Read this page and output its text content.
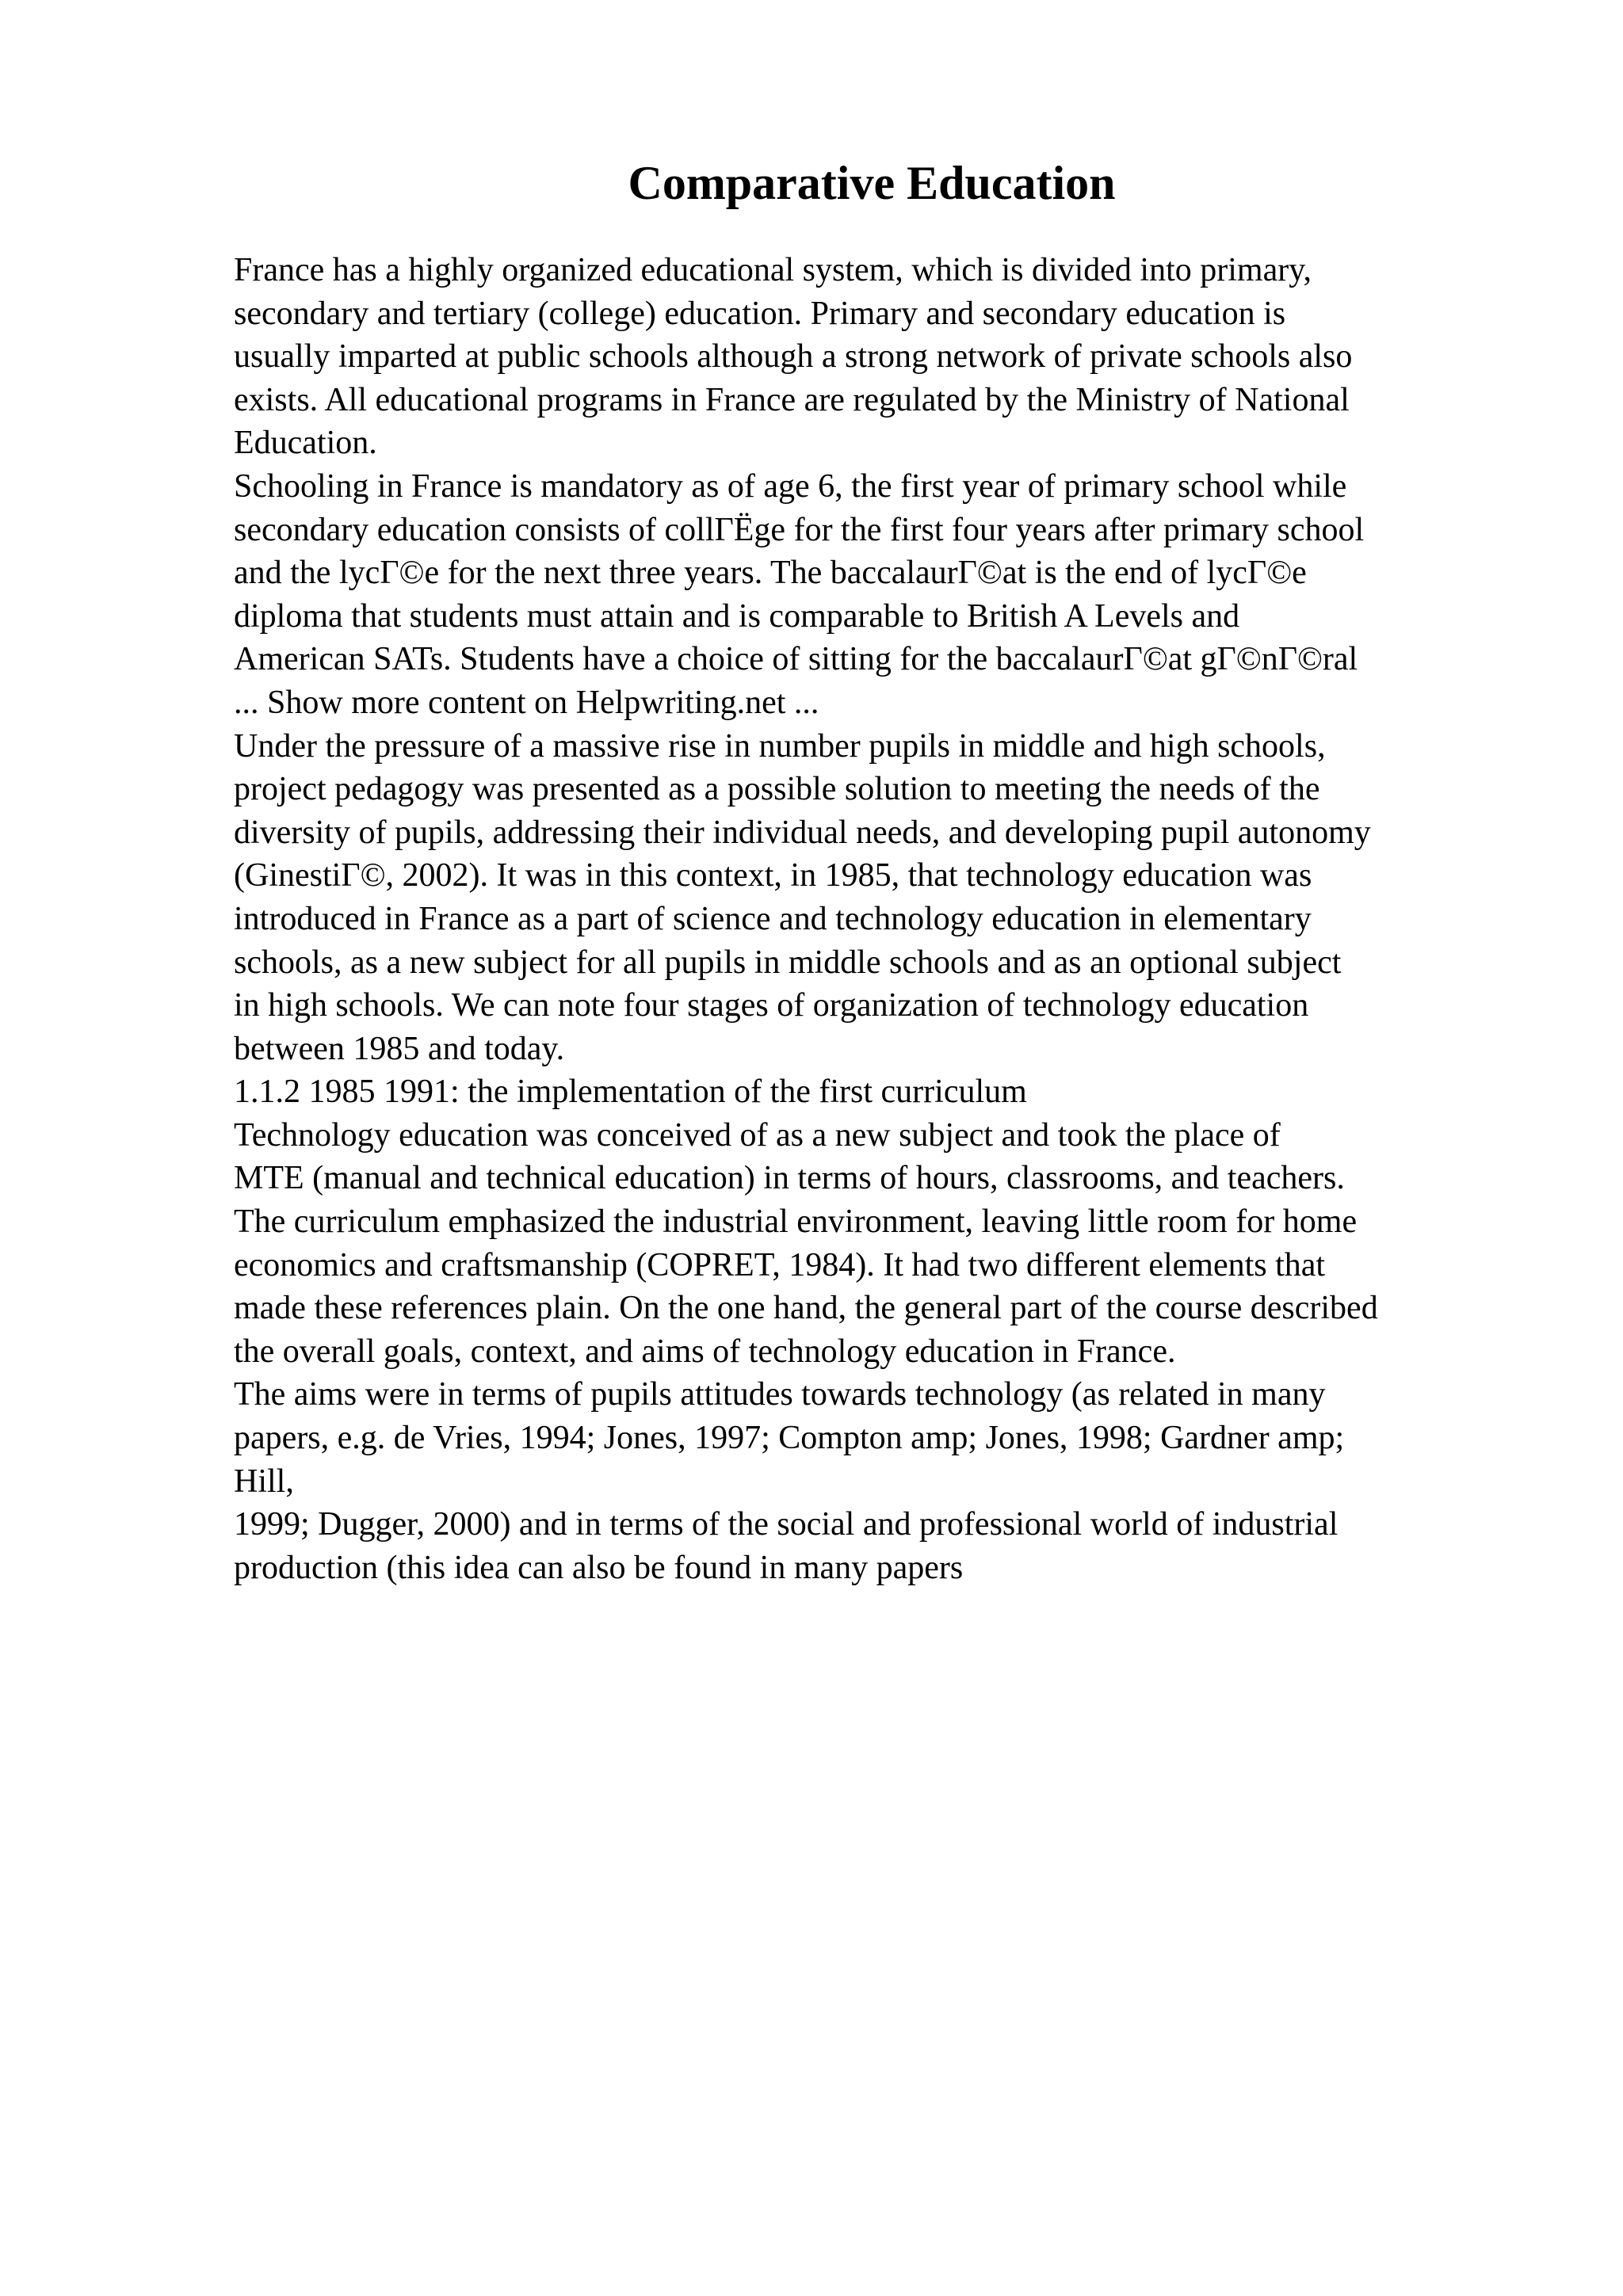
Comparative Education
France has a highly organized educational system, which is divided into primary,
secondary and tertiary (college) education. Primary and secondary education is
usually imparted at public schools although a strong network of private schools also
exists. All educational programs in France are regulated by the Ministry of National
Education.
Schooling in France is mandatory as of age 6, the first year of primary school while
secondary education consists of collΓËge for the first four years after primary school
and the lycΓ©e for the next three years. The baccalaurΓ©at is the end of lycΓ©e
diploma that students must attain and is comparable to British A Levels and
American SATs. Students have a choice of sitting for the baccalaurΓ©at gΓ©nΓ©ral
... Show more content on Helpwriting.net ...
Under the pressure of a massive rise in number pupils in middle and high schools,
project pedagogy was presented as a possible solution to meeting the needs of the
diversity of pupils, addressing their individual needs, and developing pupil autonomy
(GinestiΓ©, 2002). It was in this context, in 1985, that technology education was
introduced in France as a part of science and technology education in elementary
schools, as a new subject for all pupils in middle schools and as an optional subject
in high schools. We can note four stages of organization of technology education
between 1985 and today.
1.1.2 1985 1991: the implementation of the first curriculum
Technology education was conceived of as a new subject and took the place of
MTE (manual and technical education) in terms of hours, classrooms, and teachers.
The curriculum emphasized the industrial environment, leaving little room for home
economics and craftsmanship (COPRET, 1984). It had two different elements that
made these references plain. On the one hand, the general part of the course described
the overall goals, context, and aims of technology education in France.
The aims were in terms of pupils attitudes towards technology (as related in many
papers, e.g. de Vries, 1994; Jones, 1997; Compton amp; Jones, 1998; Gardner amp;
Hill,
1999; Dugger, 2000) and in terms of the social and professional world of industrial
production (this idea can also be found in many papers
